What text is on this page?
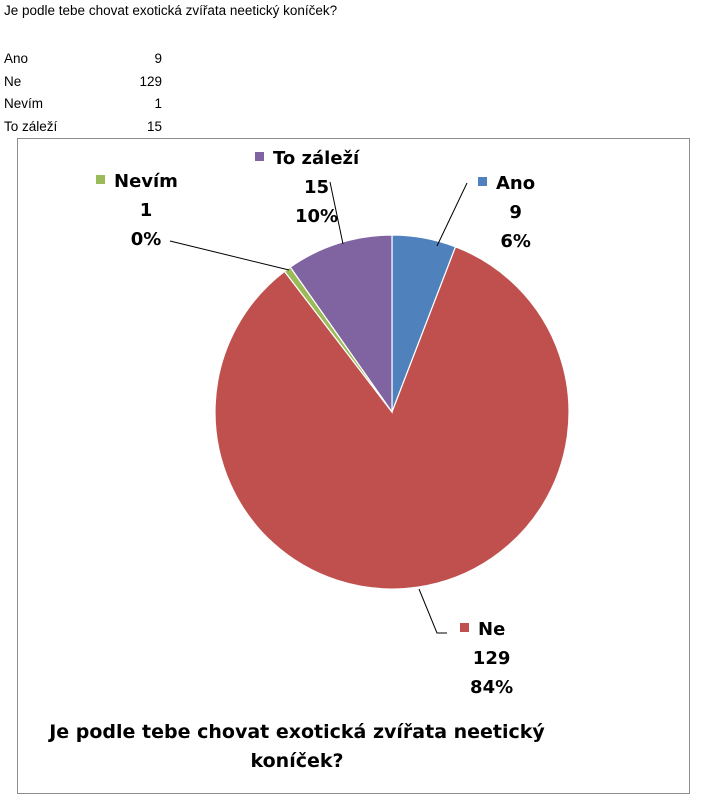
Je podle tebe chovat exotická zvířata neetický koníček?
Ano	9
Ne	129
Nevím	1
To záleží	15
Ano
9
6%
Ne
129
84%
Nevím
1
0%
To záleží
15
10%
Je podle tebe chovat exotická zvířata neetický
koníček?
